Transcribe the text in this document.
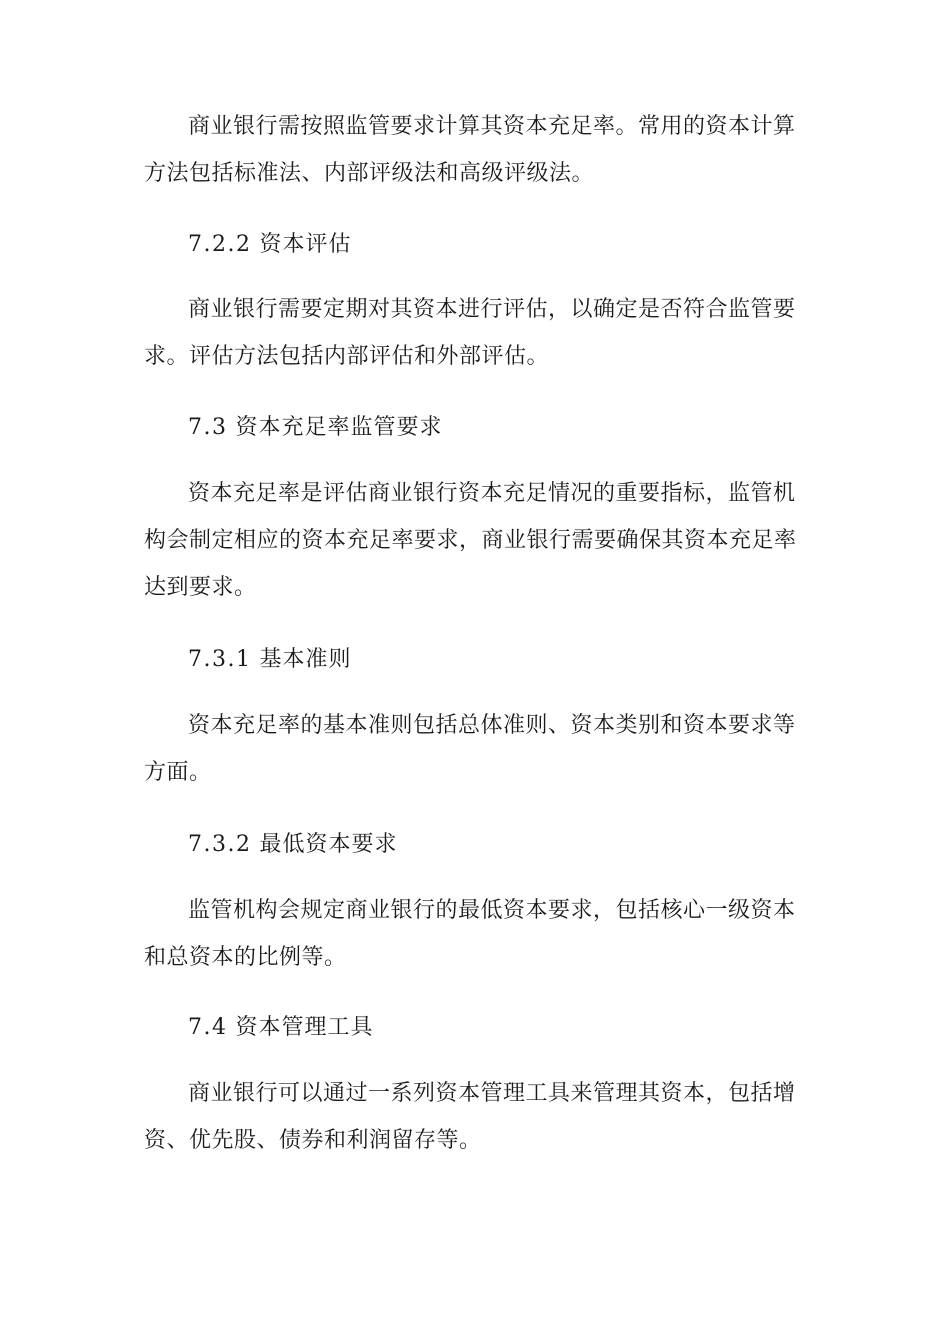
商业银行需按照监管要求计算其资本充足率。常用的资本计算方法包括标准法、内部评级法和高级评级法。

7.2.2 资本评估

商业银行需要定期对其资本进行评估，以确定是否符合监管要求。评估方法包括内部评估和外部评估。

7.3 资本充足率监管要求

资本充足率是评估商业银行资本充足情况的重要指标，监管机构会制定相应的资本充足率要求，商业银行需要确保其资本充足率达到要求。

7.3.1 基本准则

资本充足率的基本准则包括总体准则、资本类别和资本要求等方面。

7.3.2 最低资本要求

监管机构会规定商业银行的最低资本要求，包括核心一级资本和总资本的比例等。

7.4 资本管理工具

商业银行可以通过一系列资本管理工具来管理其资本，包括增资、优先股、债券和利润留存等。
